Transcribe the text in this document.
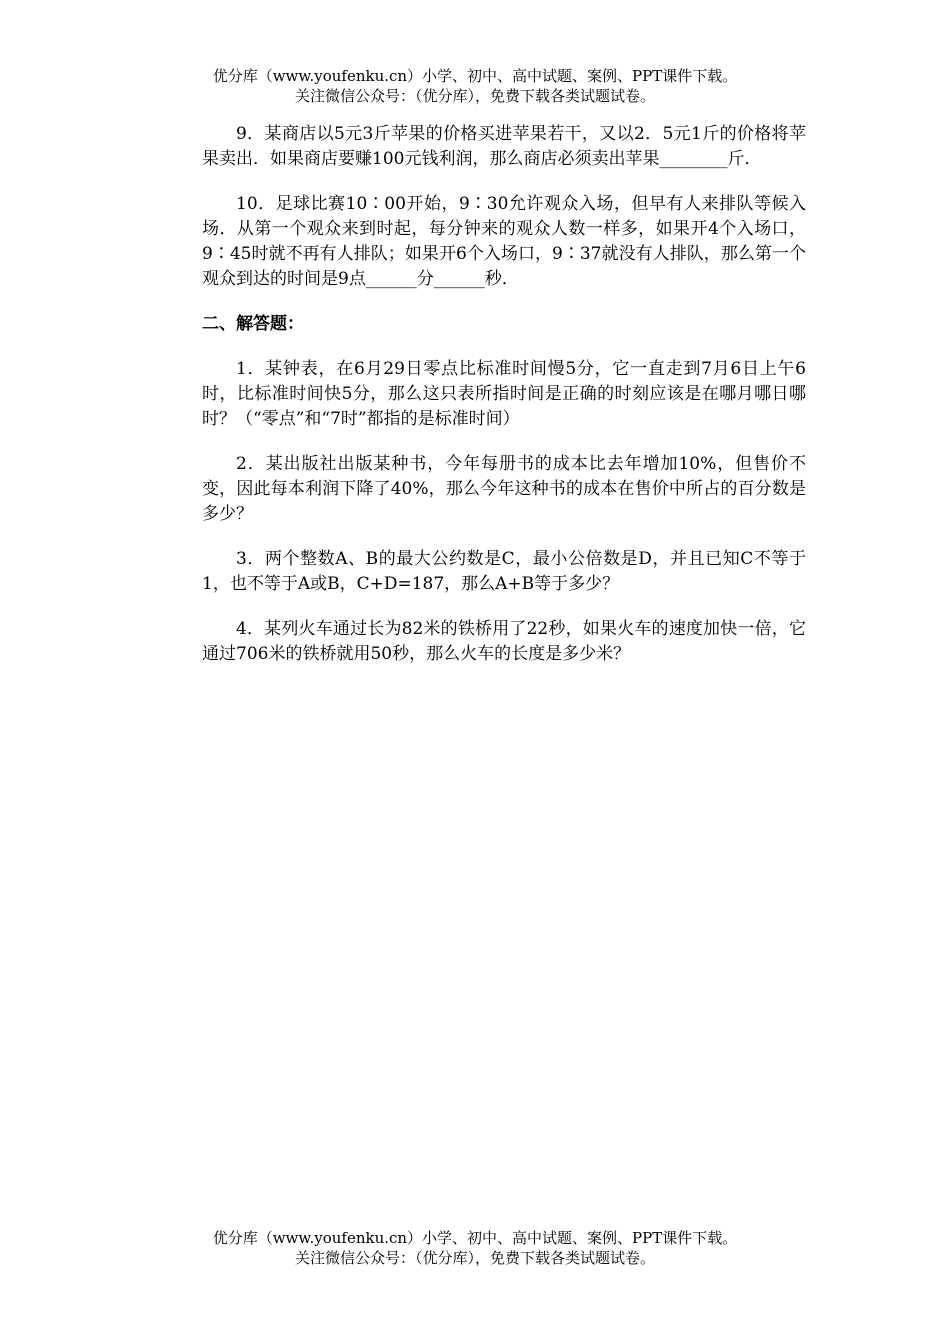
优分库（www.youfenku.cn）小学、初中、高中试题、案例、PPT课件下载。
关注微信公众号：（优分库），免费下载各类试题试卷。

9．某商店以5元3斤苹果的价格买进苹果若干，又以2．5元1斤的价格将苹果卖出．如果商店要赚100元钱利润，那么商店必须卖出苹果________斤．

10．足球比赛10∶00开始，9∶30允许观众入场，但早有人来排队等候入场．从第一个观众来到时起，每分钟来的观众人数一样多，如果开4个入场口，9∶45时就不再有人排队；如果开6个入场口，9∶37就没有人排队，那么第一个观众到达的时间是9点______分______秒．

二、解答题：

1．某钟表，在6月29日零点比标准时间慢5分，它一直走到7月6日上午6时，比标准时间快5分，那么这只表所指时间是正确的时刻应该是在哪月哪日哪时？（“零点”和“7时”都指的是标准时间）

2．某出版社出版某种书，今年每册书的成本比去年增加10%，但售价不变，因此每本利润下降了40%，那么今年这种书的成本在售价中所占的百分数是多少？

3．两个整数A、B的最大公约数是C，最小公倍数是D，并且已知C不等于1，也不等于A或B，C+D=187，那么A+B等于多少？

4．某列火车通过长为82米的铁桥用了22秒，如果火车的速度加快一倍，它通过706米的铁桥就用50秒，那么火车的长度是多少米？

优分库（www.youfenku.cn）小学、初中、高中试题、案例、PPT课件下载。
关注微信公众号：（优分库），免费下载各类试题试卷。
